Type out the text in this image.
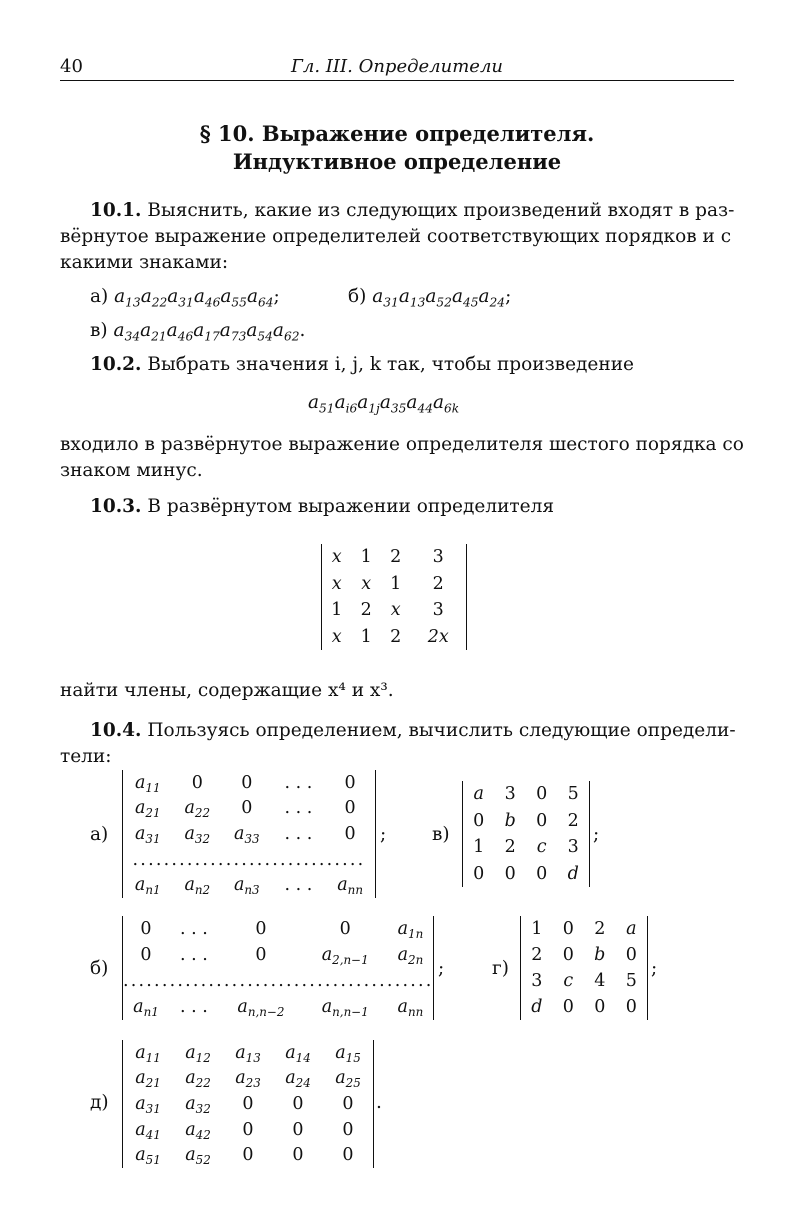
40	Гл. III. Определители
§ 10. Выражение определителя.
Индуктивное определение
10.1. Выяснить, какие из следующих произведений входят в раз-
вёрнутое выражение определителей соответствующих порядков и с
какими знаками:
а) $a_{13}a_{22}a_{31}a_{46}a_{55}a_{64}$;	б) $a_{31}a_{13}a_{52}a_{45}a_{24}$;
в) $a_{34}a_{21}a_{46}a_{17}a_{73}a_{54}a_{62}$.
10.2. Выбрать значения i, j, k так, чтобы произведение
$a_{51}a_{i6}a_{1j}a_{35}a_{44}a_{6k}$
входило в развёрнутое выражение определителя шестого порядка со
знаком минус.
10.3. В развёрнутом выражении определителя
x	1	2	3
x	x	1	2
1	2	x	3
x	1	2	2x
найти члены, содержащие x⁴ и x³.
10.4. Пользуясь определением, вычислить следующие определи-
тели:
а)
$a_{11}$	0	0	. . .	0
$a_{21}$	$a_{22}$	0	. . .	0
$a_{31}$	$a_{32}$	$a_{33}$	. . .	0
..............................				
$a_{n1}$	$a_{n2}$	$a_{n3}$	. . .	$a_{nn}$
; в)
a	3	0	5
0	b	0	2
1	2	c	3
0	0	0	d
;
б)
0	. . .	0	0	$a_{1n}$
0	. . .	0	$a_{2,n-1}$	$a_{2n}$
........................................				
$a_{n1}$	. . .	$a_{n,n-2}$	$a_{n,n-1}$	$a_{nn}$
;	г)
1	0	2	a
2	0	b	0
3	c	4	5
d	0	0	0
;
д)
$a_{11}$	$a_{12}$	$a_{13}$	$a_{14}$	$a_{15}$
$a_{21}$	$a_{22}$	$a_{23}$	$a_{24}$	$a_{25}$
$a_{31}$	$a_{32}$	0	0	0
$a_{41}$	$a_{42}$	0	0	0
$a_{51}$	$a_{52}$	0	0	0
.
